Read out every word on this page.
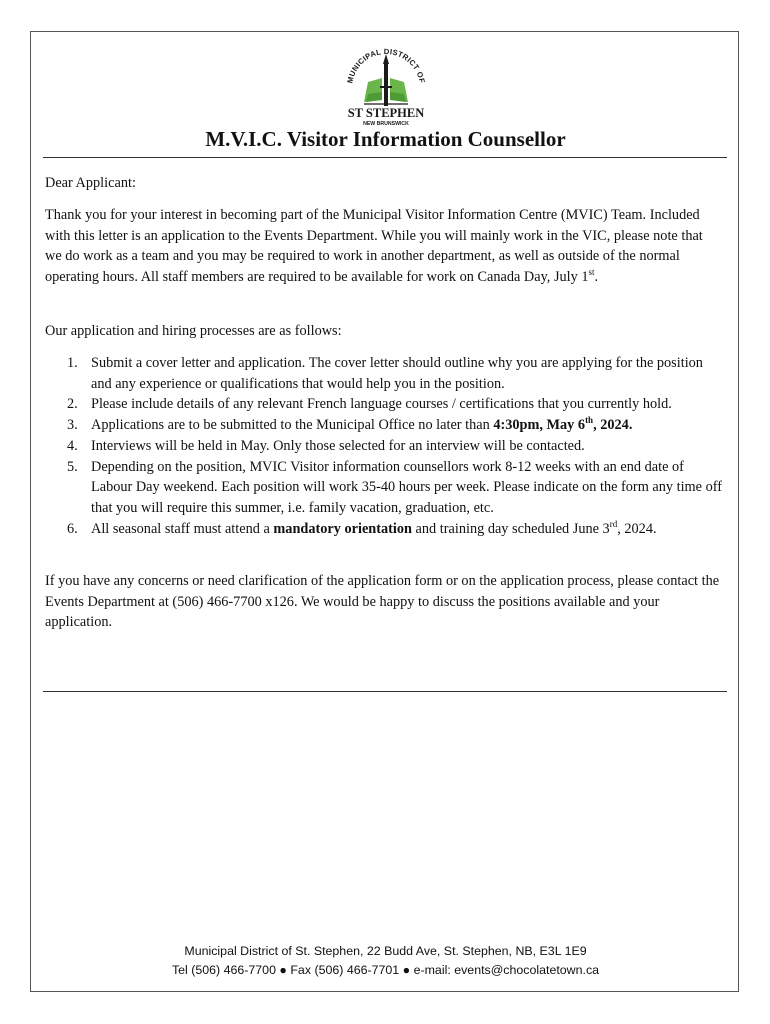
MUNICIPAL DISTRICT OF
ST STEPHEN
NEW BRUNSWICK
M.V.I.C. Visitor Information Counsellor
Dear Applicant:
Thank you for your interest in becoming part of the Municipal Visitor Information Centre (MVIC) Team. Included with this letter is an application to the Events Department. While you will mainly work in the VIC, please note that we do work as a team and you may be required to work in another department, as well as outside of the normal operating hours. All staff members are required to be available for work on Canada Day, July 1st.
Our application and hiring processes are as follows:
1. Submit a cover letter and application. The cover letter should outline why you are applying for the position and any experience or qualifications that would help you in the position.
2. Please include details of any relevant French language courses / certifications that you currently hold.
3. Applications are to be submitted to the Municipal Office no later than 4:30pm, May 6th, 2024.
4. Interviews will be held in May. Only those selected for an interview will be contacted.
5. Depending on the position, MVIC Visitor information counsellors work 8-12 weeks with an end date of Labour Day weekend. Each position will work 35-40 hours per week. Please indicate on the form any time off that you will require this summer, i.e. family vacation, graduation, etc.
6. All seasonal staff must attend a mandatory orientation and training day scheduled June 3rd, 2024.
If you have any concerns or need clarification of the application form or on the application process, please contact the Events Department at (506) 466-7700 x126. We would be happy to discuss the positions available and your application.
Municipal District of St. Stephen, 22 Budd Ave, St. Stephen, NB, E3L 1E9
Tel (506) 466-7700 ● Fax (506) 466-7701 ● e-mail: events@chocolatetown.ca
